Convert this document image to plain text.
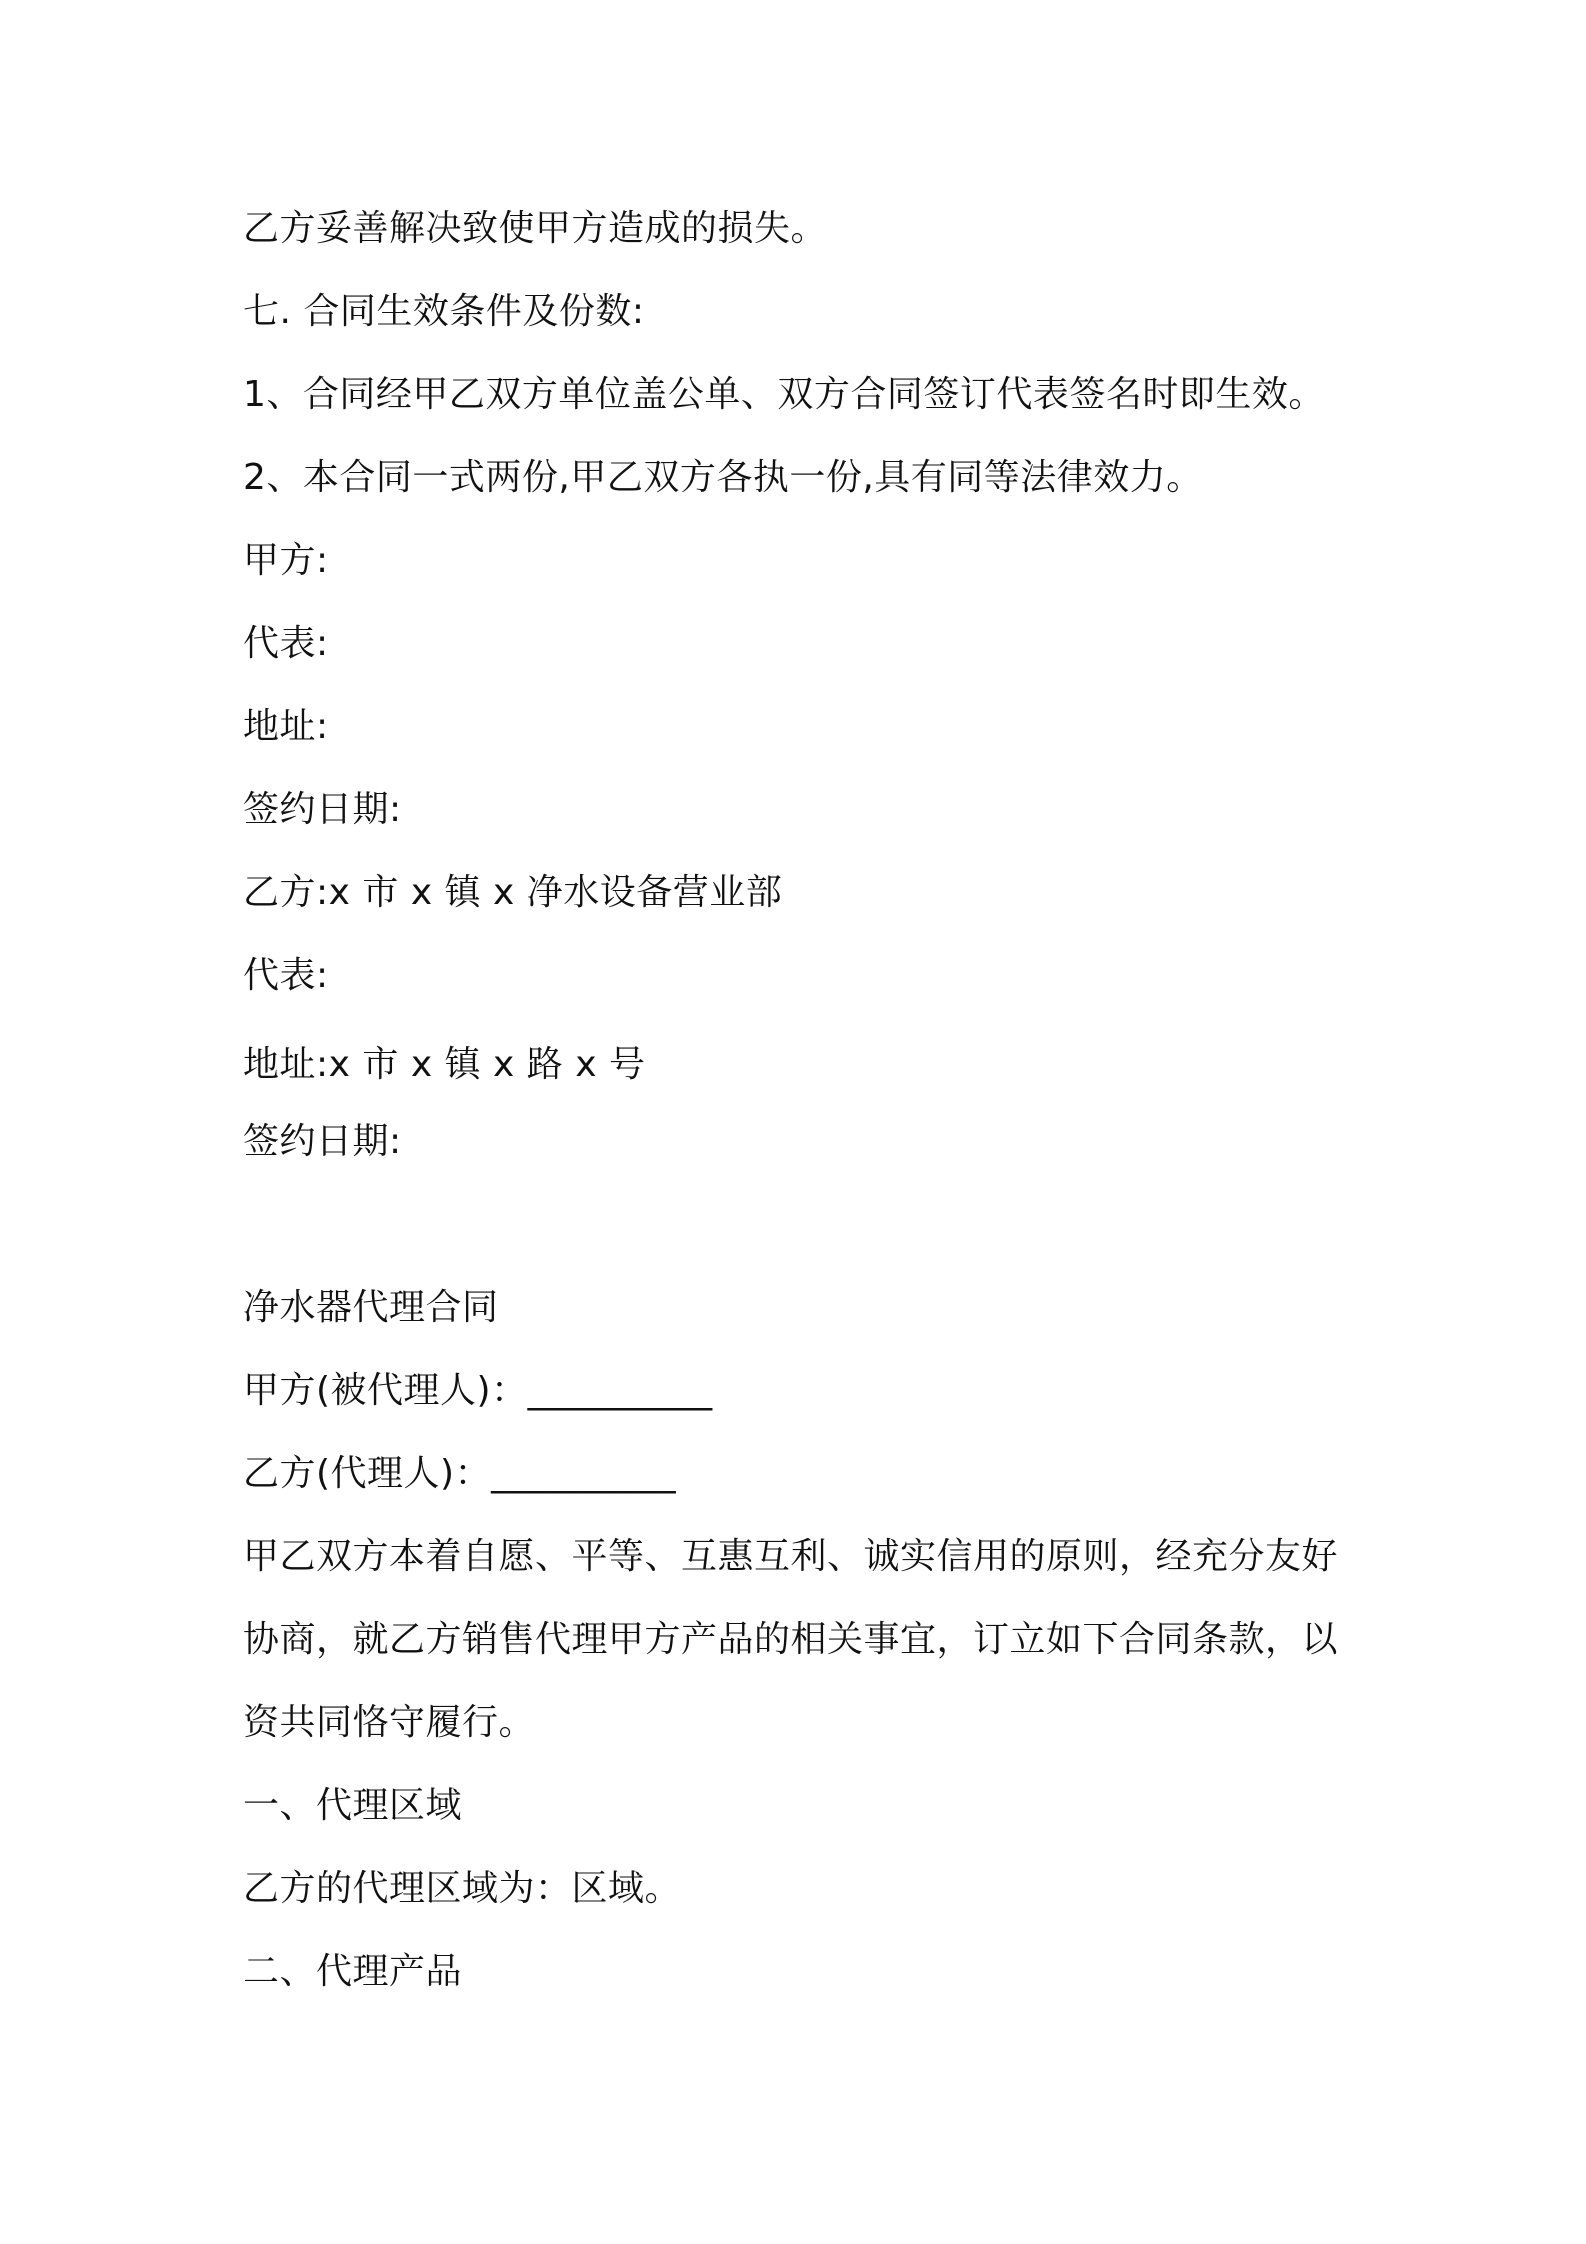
乙方妥善解决致使甲方造成的损失。
七. 合同生效条件及份数:
1、合同经甲乙双方单位盖公单、双方合同签订代表签名时即生效。
2、本合同一式两份,甲乙双方各执一份,具有同等法律效力。
甲方:
代表:
地址:
签约日期:
乙方:x 市 x 镇 x 净水设备营业部
代表:
地址:x 市 x 镇 x 路 x 号
签约日期:
净水器代理合同
甲方(被代理人)：__________
乙方(代理人)：__________
甲乙双方本着自愿、平等、互惠互利、诚实信用的原则，经充分友好
协商，就乙方销售代理甲方产品的相关事宜，订立如下合同条款，以
资共同恪守履行。
一、代理区域
乙方的代理区域为：区域。
二、代理产品
